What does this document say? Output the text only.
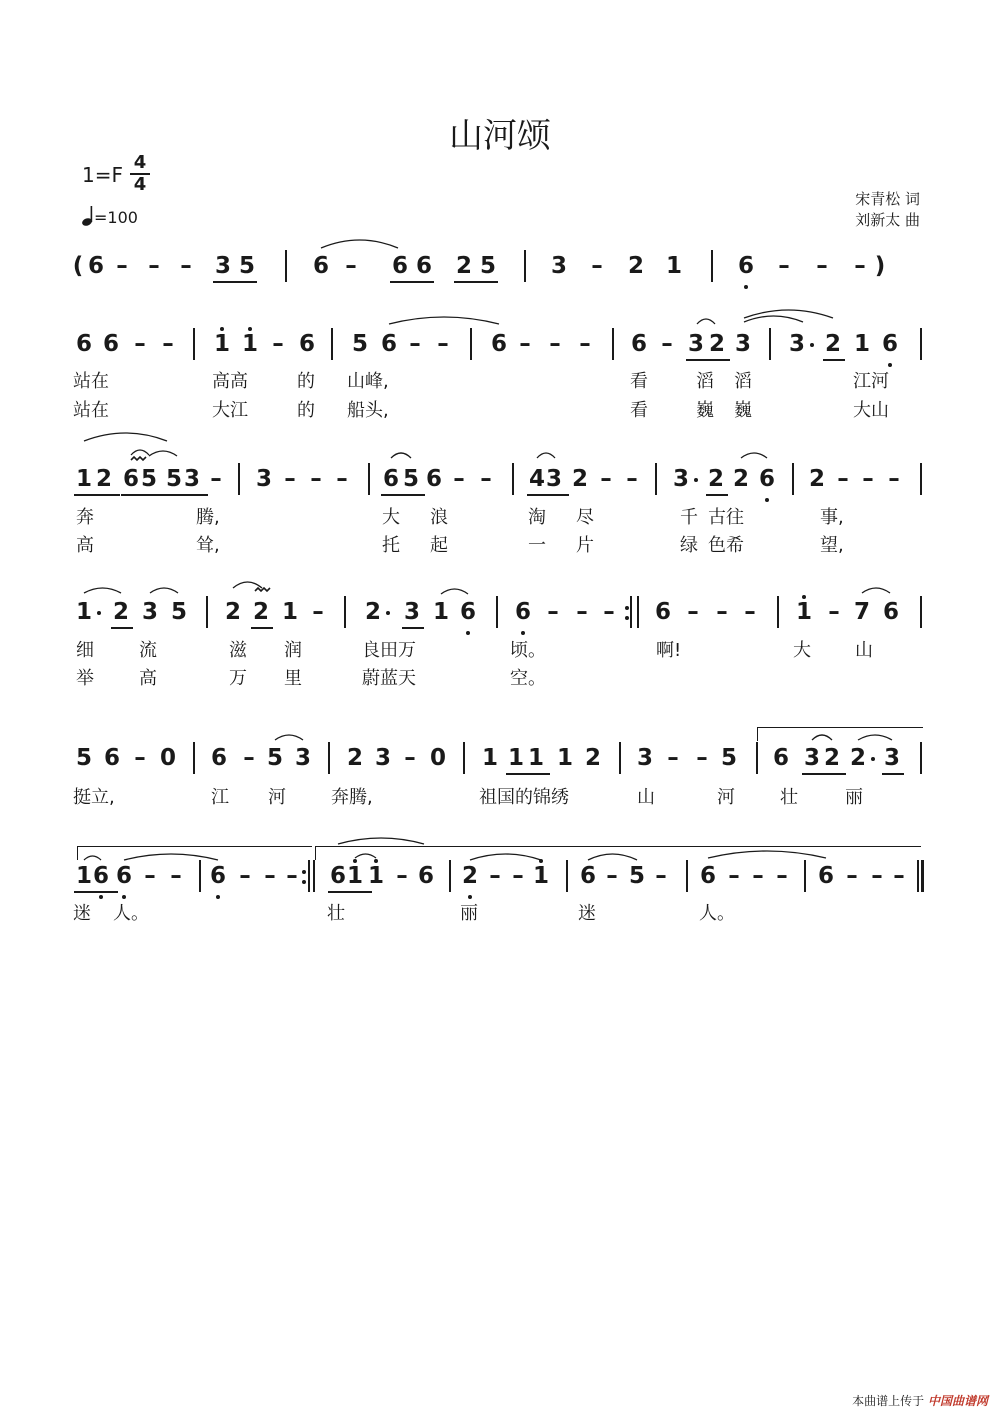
山河颂
1=F
4
4
=100
宋青松 词
刘新太 曲
( 6 – – – 3 5	6 – 6 6 2 5 3 – 2 1 6 – – – )
6 6 – – 1 1 – 6 5 6 – – 6 – – – 6 – 3 2 3 3 2 1 6
1 2 6 5 5 3 – 3 – – – 6 5 6 – – 4 3 2 – – 3 2 2 6 2 – – –
1 2 3 5 2 2 1 – 2 3 1 6 6 – – – 6 – – – 1 – 7 6
5 6 – 0 6 – 5 3 2 3 – 0 1 1 1 1 2 3 – – 5 6 3 2 2 3
1 6 6 – – 6 – – – 6 1 1 – 6 2 – – 1 6 – 5 – 6 – – – 6 – – –
站在	高高	的 山峰,	看	滔 滔	江河
站在	大江	的 船头,	看	巍 巍	大山
奔	腾,	大 浪	淘 尽	千 古往	事,
高	耸,	托 起	一 片	绿 色希	望,
细	流	滋 润	良田万	顷。	啊!	大 山
举	高	万 里	蔚蓝天	空。
挺立,	江 河	奔腾,	祖国的锦绣	山	河	壮	丽
迷 人。	壮	丽	迷	人。
本曲谱上传于 中国曲谱网
